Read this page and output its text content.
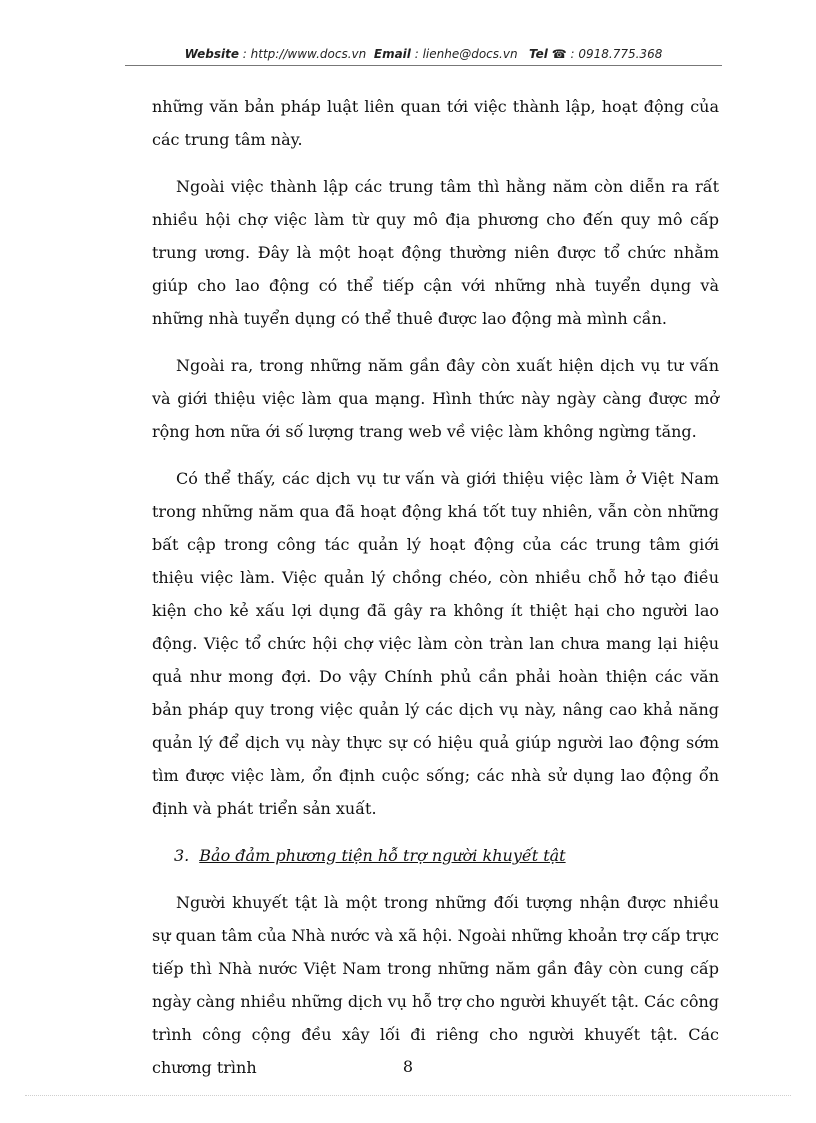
Website : http://www.docs.vn Email : lienhe@docs.vn Tel ☎ : 0918.775.368

những văn bản pháp luật liên quan tới việc thành lập, hoạt động của các trung tâm này.

Ngoài việc thành lập các trung tâm thì hằng năm còn diễn ra rất nhiều hội chợ việc làm từ quy mô địa phương cho đến quy mô cấp trung ương. Đây là một hoạt động thường niên được tổ chức nhằm giúp cho lao động có thể tiếp cận với những nhà tuyển dụng và những nhà tuyển dụng có thể thuê được lao động mà mình cần.

Ngoài ra, trong những năm gần đây còn xuất hiện dịch vụ tư vấn và giới thiệu việc làm qua mạng. Hình thức này ngày càng được mở rộng hơn nữa ới số lượng trang web về việc làm không ngừng tăng.

Có thể thấy, các dịch vụ tư vấn và giới thiệu việc làm ở Việt Nam trong những năm qua đã hoạt động khá tốt tuy nhiên, vẫn còn những bất cập trong công tác quản lý hoạt động của các trung tâm giới thiệu việc làm. Việc quản lý chồng chéo, còn nhiều chỗ hở tạo điều kiện cho kẻ xấu lợi dụng đã gây ra không ít thiệt hại cho người lao động. Việc tổ chức hội chợ việc làm còn tràn lan chưa mang lại hiệu quả như mong đợi. Do vậy Chính phủ cần phải hoàn thiện các văn bản pháp quy trong việc quản lý các dịch vụ này, nâng cao khả năng quản lý để dịch vụ này thực sự có hiệu quả giúp người lao động sớm tìm được việc làm, ổn định cuộc sống; các nhà sử dụng lao động ổn định và phát triển sản xuất.

3. Bảo đảm phương tiện hỗ trợ người khuyết tật

Người khuyết tật là một trong những đối tượng nhận được nhiều sự quan tâm của Nhà nước và xã hội. Ngoài những khoản trợ cấp trực tiếp thì Nhà nước Việt Nam trong những năm gần đây còn cung cấp ngày càng nhiều những dịch vụ hỗ trợ cho người khuyết tật. Các công trình công cộng đều xây lối đi riêng cho người khuyết tật. Các chương trình	8
